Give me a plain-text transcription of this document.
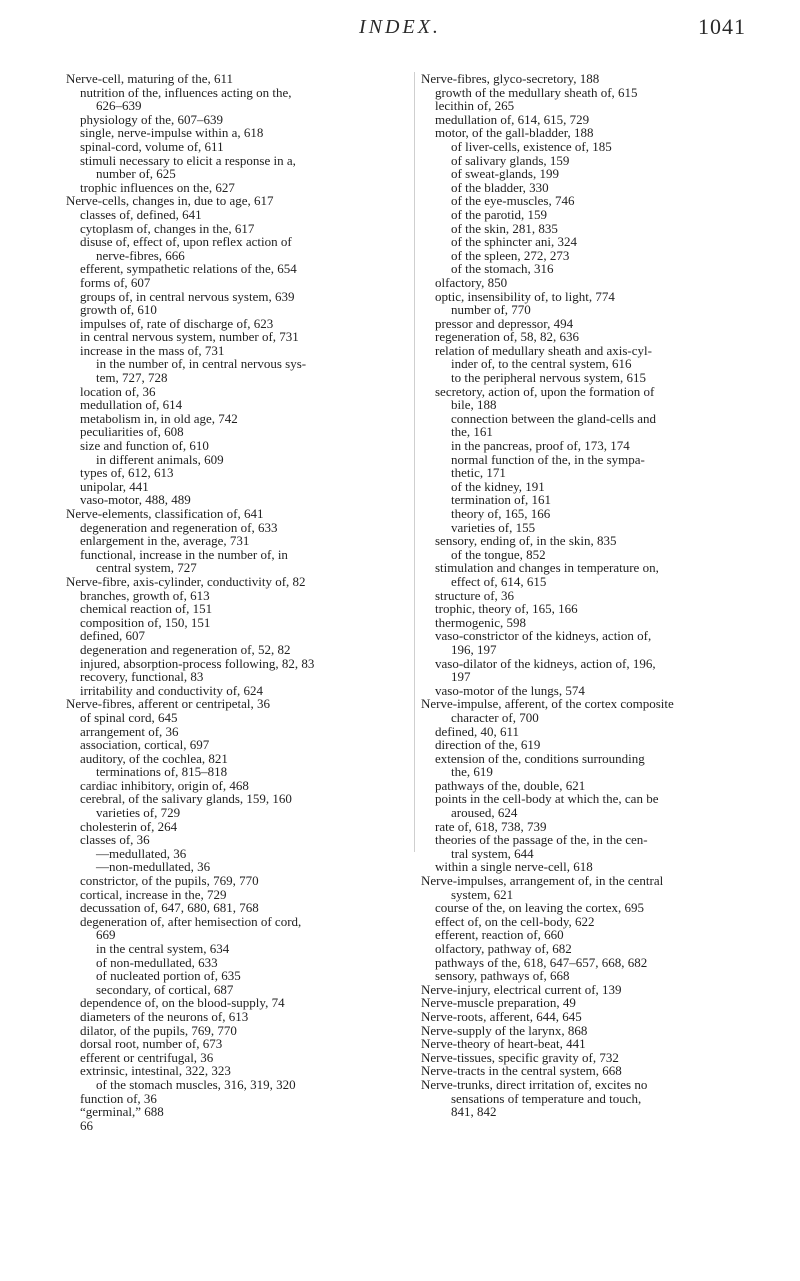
INDEX.	1041
Nerve-cell, maturing of the, 611
nutrition of the, influences acting on the,
626–639
physiology of the, 607–639
single, nerve-impulse within a, 618
spinal-cord, volume of, 611
stimuli necessary to elicit a response in a,
number of, 625
trophic influences on the, 627
Nerve-cells, changes in, due to age, 617
classes of, defined, 641
cytoplasm of, changes in the, 617
disuse of, effect of, upon reflex action of
nerve-fibres, 666
efferent, sympathetic relations of the, 654
forms of, 607
groups of, in central nervous system, 639
growth of, 610
impulses of, rate of discharge of, 623
in central nervous system, number of, 731
increase in the mass of, 731
in the number of, in central nervous sys-
tem, 727, 728
location of, 36
medullation of, 614
metabolism in, in old age, 742
peculiarities of, 608
size and function of, 610
in different animals, 609
types of, 612, 613
unipolar, 441
vaso-motor, 488, 489
Nerve-elements, classification of, 641
degeneration and regeneration of, 633
enlargement in the, average, 731
functional, increase in the number of, in
central system, 727
Nerve-fibre, axis-cylinder, conductivity of, 82
branches, growth of, 613
chemical reaction of, 151
composition of, 150, 151
defined, 607
degeneration and regeneration of, 52, 82
injured, absorption-process following, 82, 83
recovery, functional, 83
irritability and conductivity of, 624
Nerve-fibres, afferent or centripetal, 36
of spinal cord, 645
arrangement of, 36
association, cortical, 697
auditory, of the cochlea, 821
terminations of, 815–818
cardiac inhibitory, origin of, 468
cerebral, of the salivary glands, 159, 160
varieties of, 729
cholesterin of, 264
classes of, 36
—medullated, 36
—non-medullated, 36
constrictor, of the pupils, 769, 770
cortical, increase in the, 729
decussation of, 647, 680, 681, 768
degeneration of, after hemisection of cord,
669
in the central system, 634
of non-medullated, 633
of nucleated portion of, 635
secondary, of cortical, 687
dependence of, on the blood-supply, 74
diameters of the neurons of, 613
dilator, of the pupils, 769, 770
dorsal root, number of, 673
efferent or centrifugal, 36
extrinsic, intestinal, 322, 323
of the stomach muscles, 316, 319, 320
function of, 36
“germinal,” 688
66
Nerve-fibres, glyco-secretory, 188
growth of the medullary sheath of, 615
lecithin of, 265
medullation of, 614, 615, 729
motor, of the gall-bladder, 188
of liver-cells, existence of, 185
of salivary glands, 159
of sweat-glands, 199
of the bladder, 330
of the eye-muscles, 746
of the parotid, 159
of the skin, 281, 835
of the sphincter ani, 324
of the spleen, 272, 273
of the stomach, 316
olfactory, 850
optic, insensibility of, to light, 774
number of, 770
pressor and depressor, 494
regeneration of, 58, 82, 636
relation of medullary sheath and axis-cyl-
inder of, to the central system, 616
to the peripheral nervous system, 615
secretory, action of, upon the formation of
bile, 188
connection between the gland-cells and
the, 161
in the pancreas, proof of, 173, 174
normal function of the, in the sympa-
thetic, 171
of the kidney, 191
termination of, 161
theory of, 165, 166
varieties of, 155
sensory, ending of, in the skin, 835
of the tongue, 852
stimulation and changes in temperature on,
effect of, 614, 615
structure of, 36
trophic, theory of, 165, 166
thermogenic, 598
vaso-constrictor of the kidneys, action of,
196, 197
vaso-dilator of the kidneys, action of, 196,
197
vaso-motor of the lungs, 574
Nerve-impulse, afferent, of the cortex composite
character of, 700
defined, 40, 611
direction of the, 619
extension of the, conditions surrounding
the, 619
pathways of the, double, 621
points in the cell-body at which the, can be
aroused, 624
rate of, 618, 738, 739
theories of the passage of the, in the cen-
tral system, 644
within a single nerve-cell, 618
Nerve-impulses, arrangement of, in the central
system, 621
course of the, on leaving the cortex, 695
effect of, on the cell-body, 622
efferent, reaction of, 660
olfactory, pathway of, 682
pathways of the, 618, 647–657, 668, 682
sensory, pathways of, 668
Nerve-injury, electrical current of, 139
Nerve-muscle preparation, 49
Nerve-roots, afferent, 644, 645
Nerve-supply of the larynx, 868
Nerve-theory of heart-beat, 441
Nerve-tissues, specific gravity of, 732
Nerve-tracts in the central system, 668
Nerve-trunks, direct irritation of, excites no
sensations of temperature and touch,
841, 842
